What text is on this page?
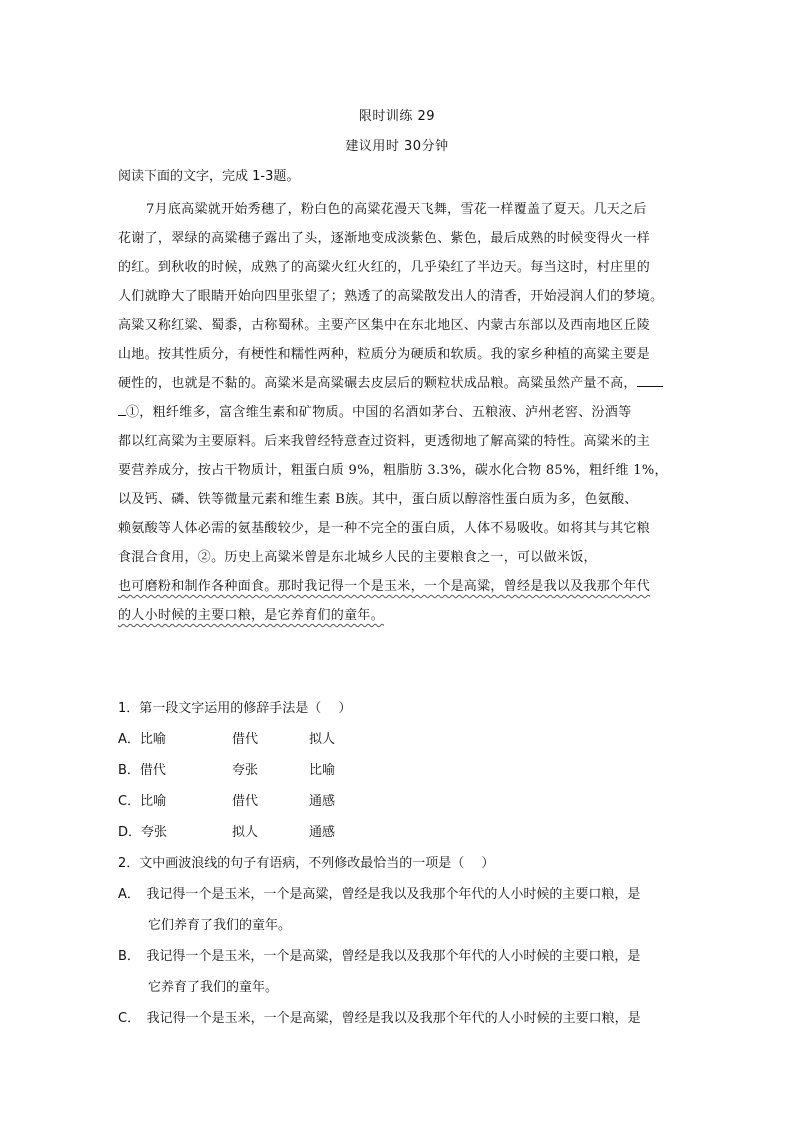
限时训练 29
建议用时 30分钟
阅读下面的文字，完成 1-3题。
7月底高粱就开始秀穗了，粉白色的高粱花漫天飞舞，雪花一样覆盖了夏天。几天之后
花谢了，翠绿的高粱穗子露出了头，逐渐地变成淡紫色、紫色，最后成熟的时候变得火一样
的红。到秋收的时候，成熟了的高粱火红火红的，几乎染红了半边天。每当这时，村庄里的
人们就睁大了眼睛开始向四里张望了；熟透了的高粱散发出人的清香，开始浸润人们的梦境。
高粱又称红粱、蜀黍，古称蜀秫。主要产区集中在东北地区、内蒙古东部以及西南地区丘陵
山地。按其性质分，有梗性和糯性两种，粒质分为硬质和软质。我的家乡种植的高粱主要是
硬性的，也就是不黏的。高粱米是高粱碾去皮层后的颗粒状成品粮。高粱虽然产量不高，
①，粗纤维多，富含维生素和矿物质。中国的名酒如茅台、五粮液、泸州老窖、汾酒等
都以红高粱为主要原料。后来我曾经特意查过资料，更透彻地了解高粱的特性。高粱米的主
要营养成分，按占干物质计，粗蛋白质 9%，粗脂肪 3.3%，碳水化合物 85%，粗纤维 1%，
以及钙、磷、铁等微量元素和维生素 B族。其中，蛋白质以醇溶性蛋白质为多，色氨酸、
赖氨酸等人体必需的氨基酸较少，是一种不完全的蛋白质，人体不易吸收。如将其与其它粮
食混合食用，②。历史上高粱米曾是东北城乡人民的主要粮食之一，可以做米饭，
也可磨粉和制作各种面食。那时我记得一个是玉米，一个是高粱，曾经是我以及我那个年代
的人小时候的主要口粮，是它养育们的童年。
1．第一段文字运用的修辞手法是（　 ）
A．比喻	借代	拟人
B．借代	夸张	比喻
C．比喻	借代	通感
D．夸张	拟人	通感
2．文中画波浪线的句子有语病，不列修改最恰当的一项是（　 ）
A．　我记得一个是玉米，一个是高粱，曾经是我以及我那个年代的人小时候的主要口粮，是
它们养育了我们的童年。
B．　我记得一个是玉米，一个是高粱，曾经是我以及我那个年代的人小时候的主要口粮，是
它养育了我们的童年。
C．　我记得一个是玉米，一个是高粱，曾经是我以及我那个年代的人小时候的主要口粮，是
